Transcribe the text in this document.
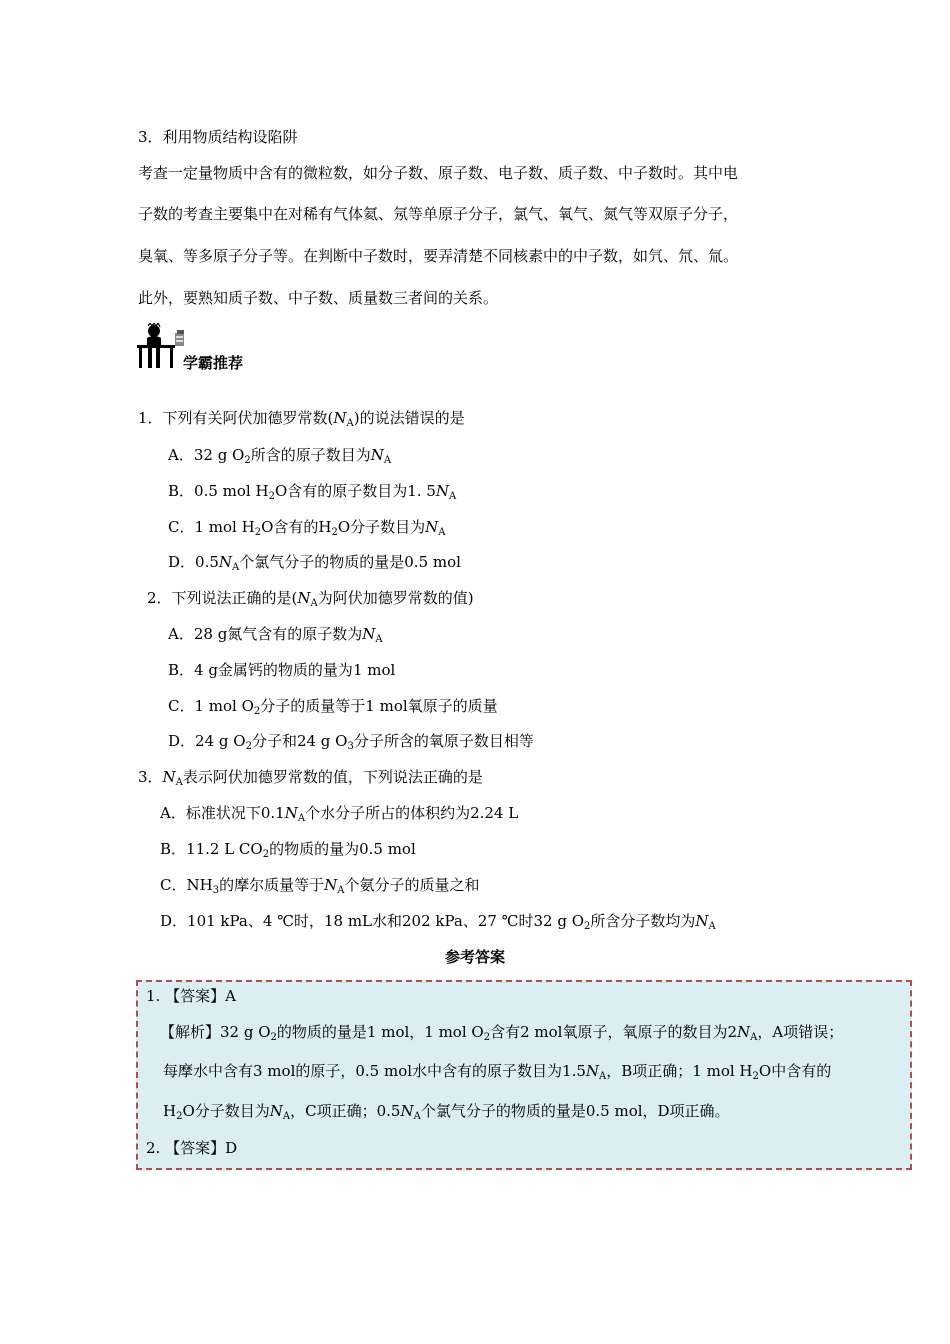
3．利用物质结构设陷阱
考查一定量物质中含有的微粒数，如分子数、原子数、电子数、质子数、中子数时。其中电
子数的考查主要集中在对稀有气体氦、氖等单原子分子，氯气、氧气、氮气等双原子分子，
臭氧、等多原子分子等。在判断中子数时，要弄清楚不同核素中的中子数，如氕、氘、氚。
此外，要熟知质子数、中子数、质量数三者间的关系。
学霸推荐
1．下列有关阿伏加德罗常数$(N_A)$的说法错误的是
A．32 g $O_2$所含的原子数目为$N_A$
B．0.5 mol $H_2O$含有的原子数目为1. $5N_A$
C．1 mol $H_2O$含有的$H_2O$分子数目为$N_A$
D．$0.5N_A$个氯气分子的物质的量是0.5 mol
2．下列说法正确的是($N_A$为阿伏加德罗常数的值)
A．28 g氮气含有的原子数为$N_A$
B．4 g金属钙的物质的量为1 mol
C．1 mol $O_2$分子的质量等于1 mol氧原子的质量
D．24 g $O_2$分子和24 g $O_3$分子所含的氧原子数目相等
3．$N_A$表示阿伏加德罗常数的值，下列说法正确的是
A．标准状况下$0.1N_A$个水分子所占的体积约为2.24 L
B．11.2 L $CO_2$的物质的量为0.5 mol
C．$NH_3$的摩尔质量等于$N_A$个氨分子的质量之和
D．101 kPa、4 ℃时，18 mL水和202 kPa、27 ℃时32 g $O_2$所含分子数均为$N_A$
参考答案
1. 【答案】A
【解析】32 g $O_2$的物质的量是1 mol，1 mol $O_2$含有2 mol氧原子，氧原子的数目为$2N_A$，A项错误；
每摩水中含有3 mol的原子，0.5 mol水中含有的原子数目为$1.5N_A$，B项正确；1 mol $H_2O$中含有的
$H_2O$分子数目为$N_A$，C项正确；$0.5N_A$个氯气分子的物质的量是0.5 mol，D项正确。
2. 【答案】D
